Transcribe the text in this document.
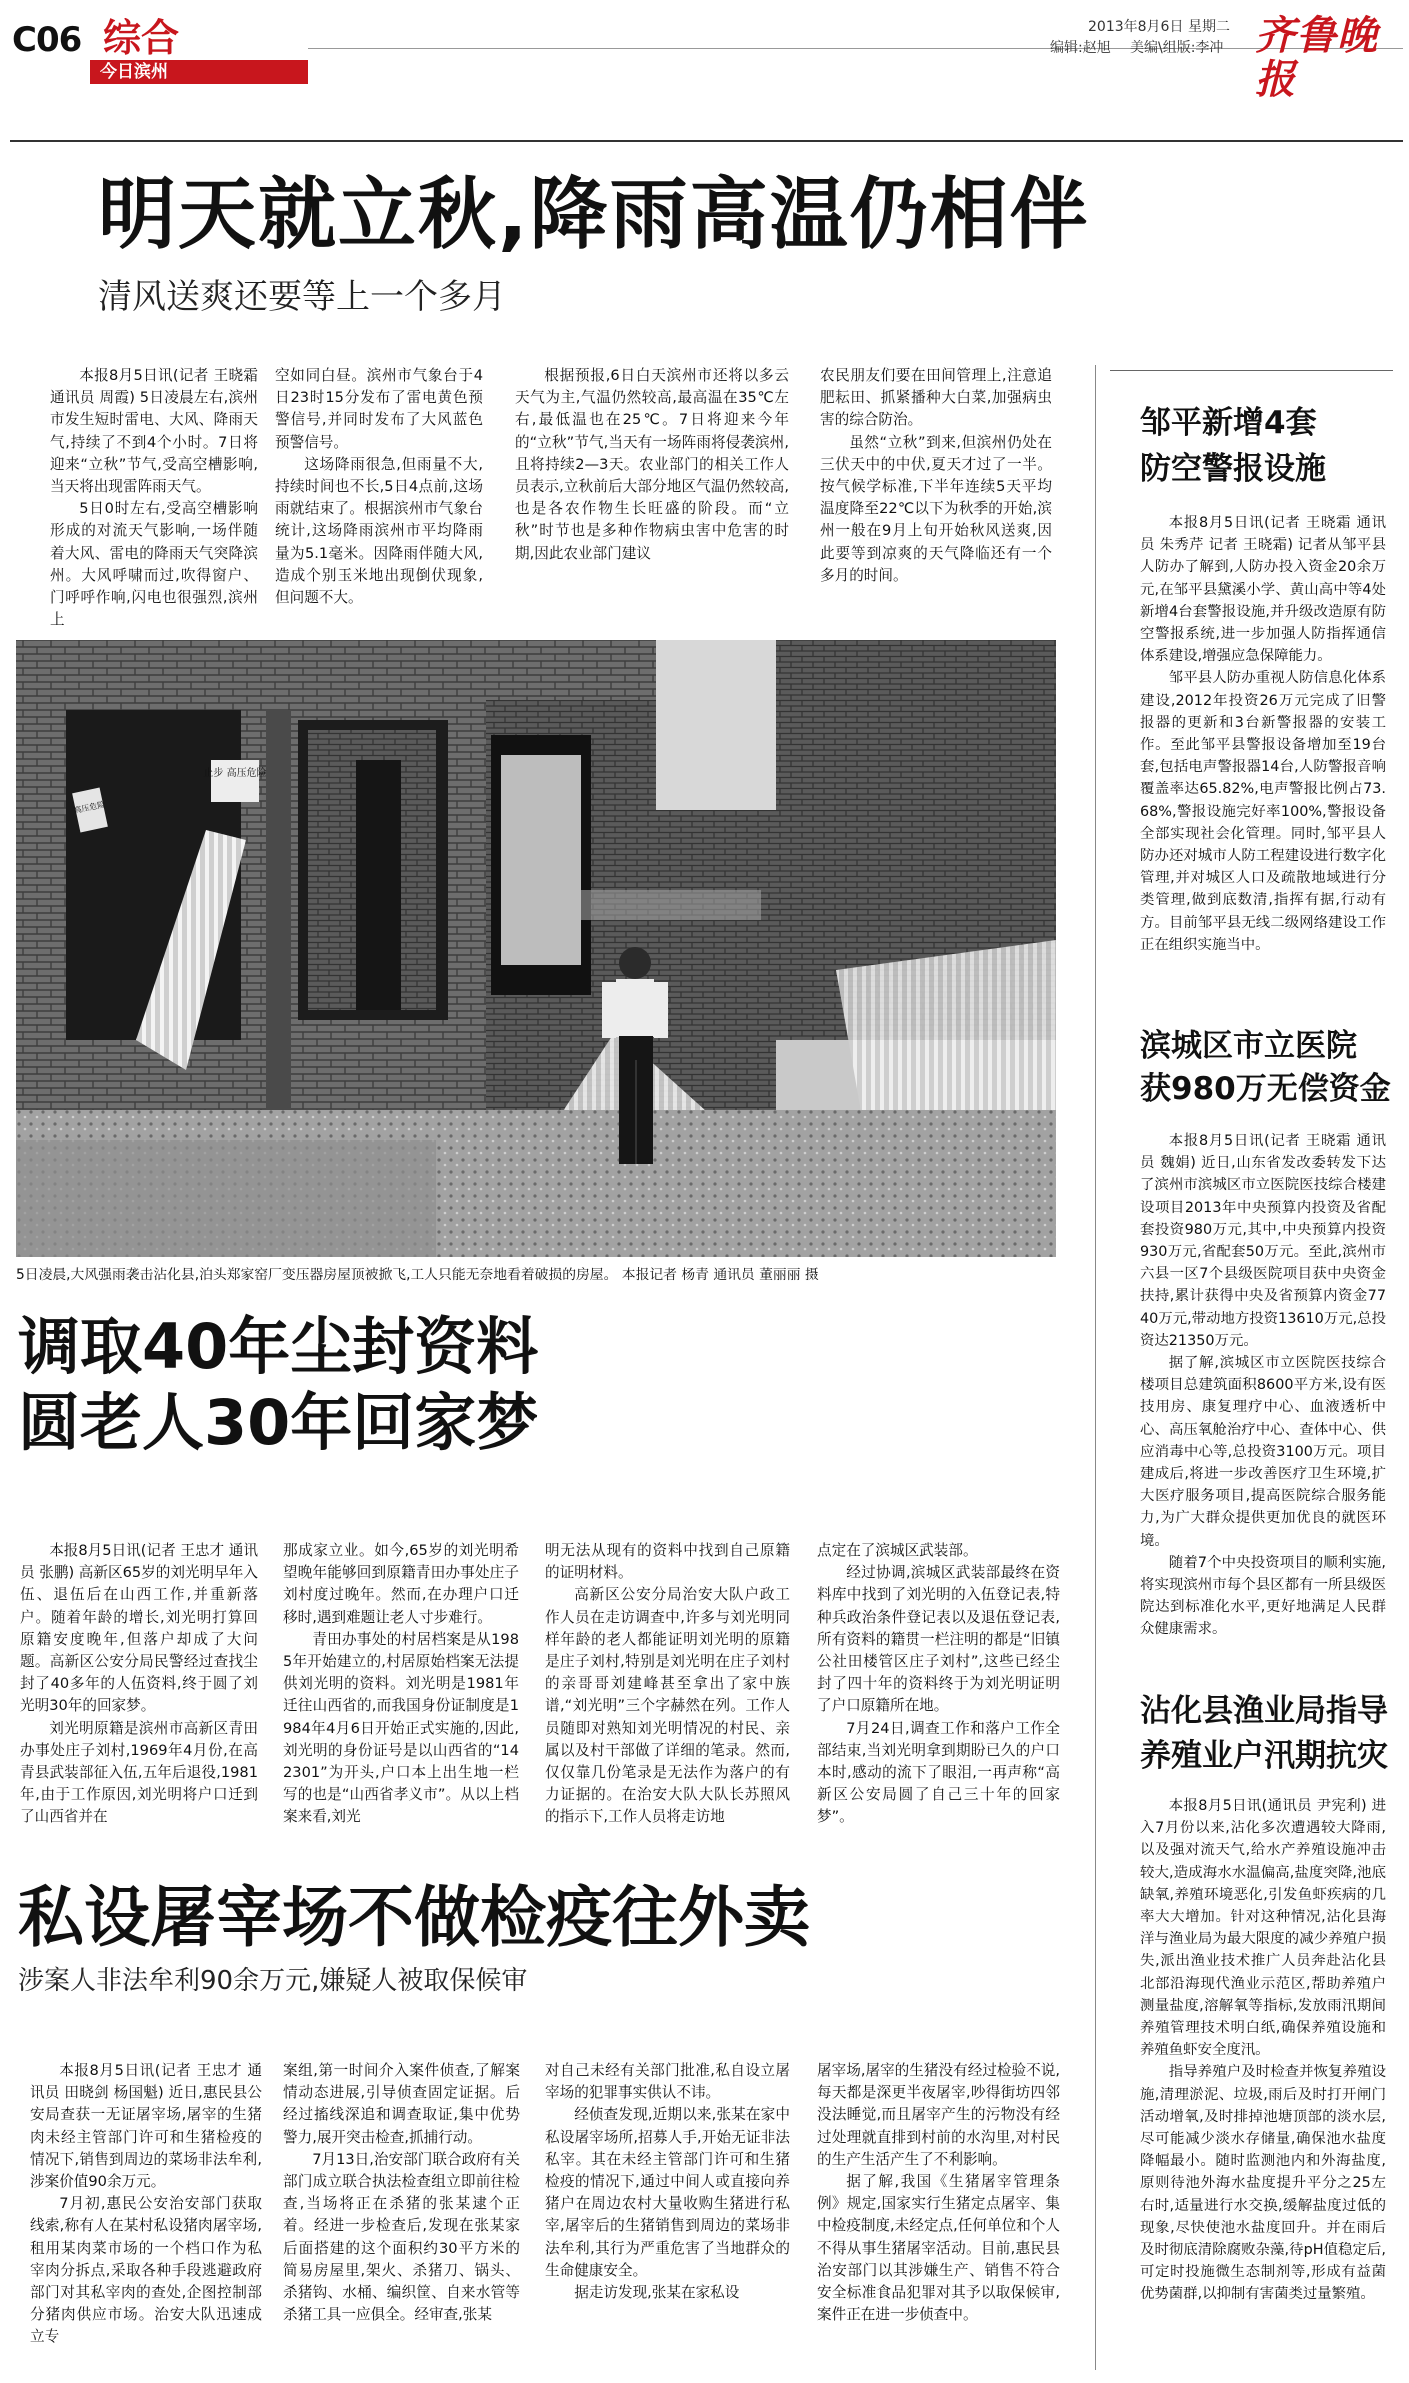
C06 综合
今日滨州
2013年8月6日 星期二
编辑:赵旭 美编\组版:李冲 齐鲁晚报
明天就立秋,降雨高温仍相伴
清风送爽还要等上一个多月

本报8月5日讯(记者 王晓霜 通讯员 周霞) 5日凌晨左右,滨州市发生短时雷电、大风、降雨天气,持续了不到4个小时。7日将迎来“立秋”节气,受高空槽影响,当天将出现雷阵雨天气。

5日0时左右,受高空槽影响形成的对流天气影响,一场伴随着大风、雷电的降雨天气突降滨州。大风呼啸而过,吹得窗户、门呼呼作响,闪电也很强烈,滨州上

空如同白昼。滨州市气象台于4日23时15分发布了雷电黄色预警信号,并同时发布了大风蓝色预警信号。

这场降雨很急,但雨量不大,持续时间也不长,5日4点前,这场雨就结束了。根据滨州市气象台统计,这场降雨滨州市平均降雨量为5.1毫米。因降雨伴随大风,造成个别玉米地出现倒伏现象,但问题不大。

根据预报,6日白天滨州市还将以多云天气为主,气温仍然较高,最高温在35℃左右,最低温也在25℃。7日将迎来今年的“立秋”节气,当天有一场阵雨将侵袭滨州,且将持续2—3天。农业部门的相关工作人员表示,立秋前后大部分地区气温仍然较高,也是各农作物生长旺盛的阶段。而“立秋”时节也是多种作物病虫害中危害的时期,因此农业部门建议

农民朋友们要在田间管理上,注意追肥耘田、抓紧播种大白菜,加强病虫害的综合防治。

虽然“立秋”到来,但滨州仍处在三伏天中的中伏,夏天才过了一半。按气候学标准,下半年连续5天平均温度降至22℃以下为秋季的开始,滨州一般在9月上旬开始秋风送爽,因此要等到凉爽的天气降临还有一个多月的时间。

止步 高压危险
高压危险
5日凌晨,大风强雨袭击沾化县,泊头郑家窑厂变压器房屋顶被掀飞,工人只能无奈地看着破损的房屋。 本报记者 杨青 通讯员 董丽丽 摄
调取40年尘封资料
圆老人30年回家梦

本报8月5日讯(记者 王忠才 通讯员 张鹏) 高新区65岁的刘光明早年入伍、退伍后在山西工作,并重新落户。随着年龄的增长,刘光明打算回原籍安度晚年,但落户却成了大问题。高新区公安分局民警经过查找尘封了40多年的人伍资料,终于圆了刘光明30年的回家梦。

刘光明原籍是滨州市高新区青田办事处庄子刘村,1969年4月份,在高青县武装部征入伍,五年后退役,1981年,由于工作原因,刘光明将户口迁到了山西省并在

那成家立业。如今,65岁的刘光明希望晚年能够回到原籍青田办事处庄子刘村度过晚年。然而,在办理户口迁移时,遇到难题让老人寸步难行。

青田办事处的村居档案是从1985年开始建立的,村居原始档案无法提供刘光明的资料。刘光明是1981年迁往山西省的,而我国身份证制度是1984年4月6日开始正式实施的,因此,刘光明的身份证号是以山西省的“142301”为开头,户口本上出生地一栏写的也是“山西省孝义市”。从以上档案来看,刘光

明无法从现有的资料中找到自己原籍的证明材料。

高新区公安分局治安大队户政工作人员在走访调查中,许多与刘光明同样年龄的老人都能证明刘光明的原籍是庄子刘村,特别是刘光明在庄子刘村的亲哥哥刘建峰甚至拿出了家中族谱,“刘光明”三个字赫然在列。工作人员随即对熟知刘光明情况的村民、亲属以及村干部做了详细的笔录。然而,仅仅靠几份笔录是无法作为落户的有力证据的。在治安大队大队长苏照风的指示下,工作人员将走访地

点定在了滨城区武装部。

经过协调,滨城区武装部最终在资料库中找到了刘光明的入伍登记表,特种兵政治条件登记表以及退伍登记表,所有资料的籍贯一栏注明的都是“旧镇公社田楼管区庄子刘村”,这些已经尘封了四十年的资料终于为刘光明证明了户口原籍所在地。

7月24日,调查工作和落户工作全部结束,当刘光明拿到期盼已久的户口本时,感动的流下了眼泪,一再声称“高新区公安局圆了自己三十年的回家梦”。

私设屠宰场不做检疫往外卖
涉案人非法牟利90余万元,嫌疑人被取保候审

本报8月5日讯(记者 王忠才 通讯员 田晓剑 杨国魁) 近日,惠民县公安局查获一无证屠宰场,屠宰的生猪肉未经主管部门许可和生猪检疫的情况下,销售到周边的菜场非法牟利,涉案价值90余万元。

7月初,惠民公安治安部门获取线索,称有人在某村私设猪肉屠宰场,租用某肉菜市场的一个档口作为私宰肉分拆点,采取各种手段逃避政府部门对其私宰肉的查处,企图控制部分猪肉供应市场。治安大队迅速成立专

案组,第一时间介入案件侦查,了解案情动态进展,引导侦查固定证据。后经过搐线深追和调查取证,集中优势警力,展开突击检查,抓捕行动。

7月13日,治安部门联合政府有关部门成立联合执法检查组立即前往检查,当场将正在杀猪的张某逮个正着。经进一步检查后,发现在张某家后面搭建的这个面积约30平方米的简易房屋里,架火、杀猪刀、锅头、杀猪钩、水桶、编织筐、自来水管等杀猪工具一应俱全。经审查,张某

对自己未经有关部门批准,私自设立屠宰场的犯罪事实供认不讳。

经侦查发现,近期以来,张某在家中私设屠宰场所,招募人手,开始无证非法私宰。其在未经主管部门许可和生猪检疫的情况下,通过中间人或直接向养猪户在周边农村大量收购生猪进行私宰,屠宰后的生猪销售到周边的菜场非法牟利,其行为严重危害了当地群众的生命健康安全。

据走访发现,张某在家私设

屠宰场,屠宰的生猪没有经过检验不说,每天都是深更半夜屠宰,吵得街坊四邻没法睡觉,而且屠宰产生的污物没有经过处理就直排到村前的水沟里,对村民的生产生活产生了不利影响。

据了解,我国《生猪屠宰管理条例》规定,国家实行生猪定点屠宰、集中检疫制度,未经定点,任何单位和个人不得从事生猪屠宰活动。目前,惠民县治安部门以其涉嫌生产、销售不符合安全标准食品犯罪对其予以取保候审,案件正在进一步侦查中。

邹平新增4套
防空警报设施

本报8月5日讯(记者 王晓霜 通讯员 朱秀芹 记者 王晓霜) 记者从邹平县人防办了解到,人防办投入资金20余万元,在邹平县黛溪小学、黄山高中等4处新增4台套警报设施,并升级改造原有防空警报系统,进一步加强人防指挥通信体系建设,增强应急保障能力。

邹平县人防办重视人防信息化体系建设,2012年投资26万元完成了旧警报器的更新和3台新警报器的安装工作。至此邹平县警报设备增加至19台套,包括电声警报器14台,人防警报音响覆盖率达65.82%,电声警报比例占73.68%,警报设施完好率100%,警报设备全部实现社会化管理。同时,邹平县人防办还对城市人防工程建设进行数字化管理,并对城区人口及疏散地域进行分类管理,做到底数清,指挥有据,行动有方。目前邹平县无线二级网络建设工作正在组织实施当中。

滨城区市立医院
获980万无偿资金

本报8月5日讯(记者 王晓霜 通讯员 魏娟) 近日,山东省发改委转发下达了滨州市滨城区市立医院医技综合楼建设项目2013年中央预算内投资及省配套投资980万元,其中,中央预算内投资930万元,省配套50万元。至此,滨州市六县一区7个县级医院项目获中央资金扶持,累计获得中央及省预算内资金7740万元,带动地方投资13610万元,总投资达21350万元。

据了解,滨城区市立医院医技综合楼项目总建筑面积8600平方米,设有医技用房、康复理疗中心、血液透析中心、高压氧舱治疗中心、查体中心、供应消毒中心等,总投资3100万元。项目建成后,将进一步改善医疗卫生环境,扩大医疗服务项目,提高医院综合服务能力,为广大群众提供更加优良的就医环境。

随着7个中央投资项目的顺利实施,将实现滨州市每个县区都有一所县级医院达到标准化水平,更好地满足人民群众健康需求。

沾化县渔业局指导
养殖业户汛期抗灾

本报8月5日讯(通讯员 尹宪利) 进入7月份以来,沾化多次遭遇较大降雨,以及强对流天气,给水产养殖设施冲击较大,造成海水水温偏高,盐度突降,池底缺氧,养殖环境恶化,引发鱼虾疾病的几率大大增加。针对这种情况,沾化县海洋与渔业局为最大限度的减少养殖户损失,派出渔业技术推广人员奔赴沾化县北部沿海现代渔业示范区,帮助养殖户测量盐度,溶解氧等指标,发放雨汛期间养殖管理技术明白纸,确保养殖设施和养殖鱼虾安全度汛。

指导养殖户及时检查并恢复养殖设施,清理淤泥、垃圾,雨后及时打开闸门活动增氧,及时排掉池塘顶部的淡水层,尽可能减少淡水存储量,确保池水盐度降幅最小。随时监测池内和外海盐度,原则待池外海水盐度提升平分之25左右时,适量进行水交换,缓解盐度过低的现象,尽快使池水盐度回升。并在雨后及时彻底清除腐败杂藻,待pH值稳定后,可定时投施微生态制剂等,形成有益菌优势菌群,以抑制有害菌类过量繁殖。
